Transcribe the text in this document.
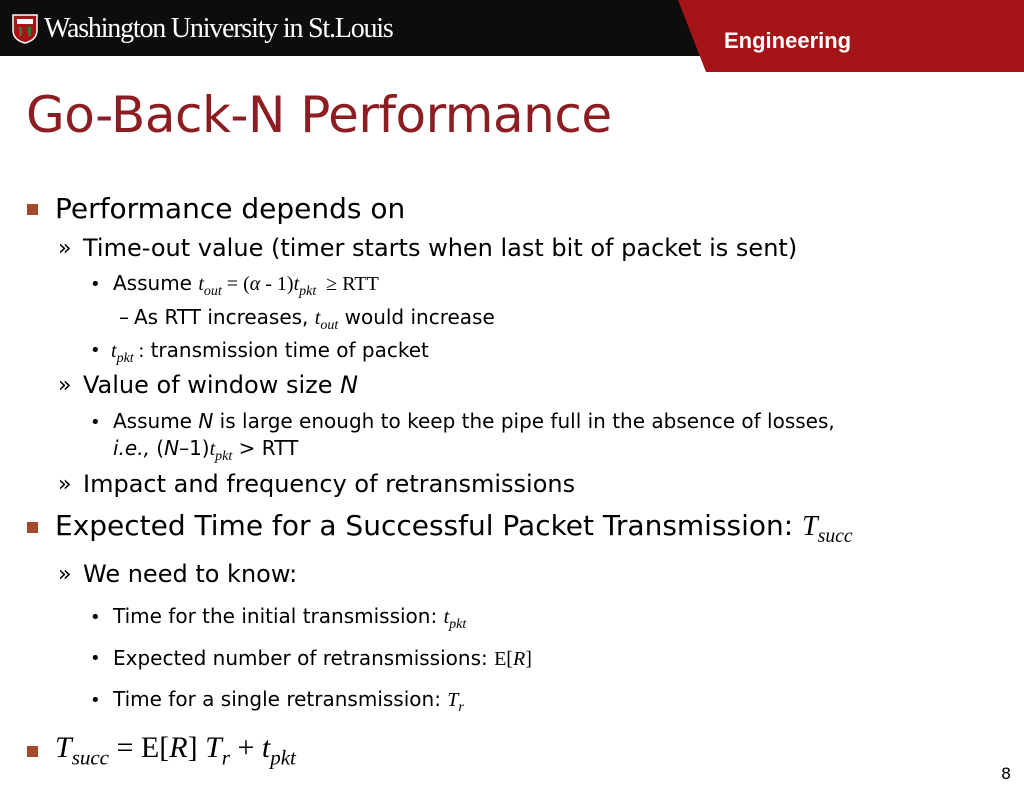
Washington University in St.Louis	Engineering
Go-Back-N Performance
Performance depends on
» Time-out value (timer starts when last bit of packet is sent)
• Assume $t_{out} = (\alpha - 1)t_{pkt}$  ≥ RTT
– As RTT increases, $t_{out}$ would increase
• $t_{pkt}$ : transmission time of packet
» Value of window size N
• Assume N is large enough to keep the pipe full in the absence of losses,
i.e., $(N-1)t_{pkt}$ > RTT
» Impact and frequency of retransmissions
Expected Time for a Successful Packet Transmission: $T_{succ}$
» We need to know:
• Time for the initial transmission: $t_{pkt}$
• Expected number of retransmissions: E[R]
• Time for a single retransmission: $T_r$
$T_{succ} = E[R] T_r + t_{pkt}$
8
